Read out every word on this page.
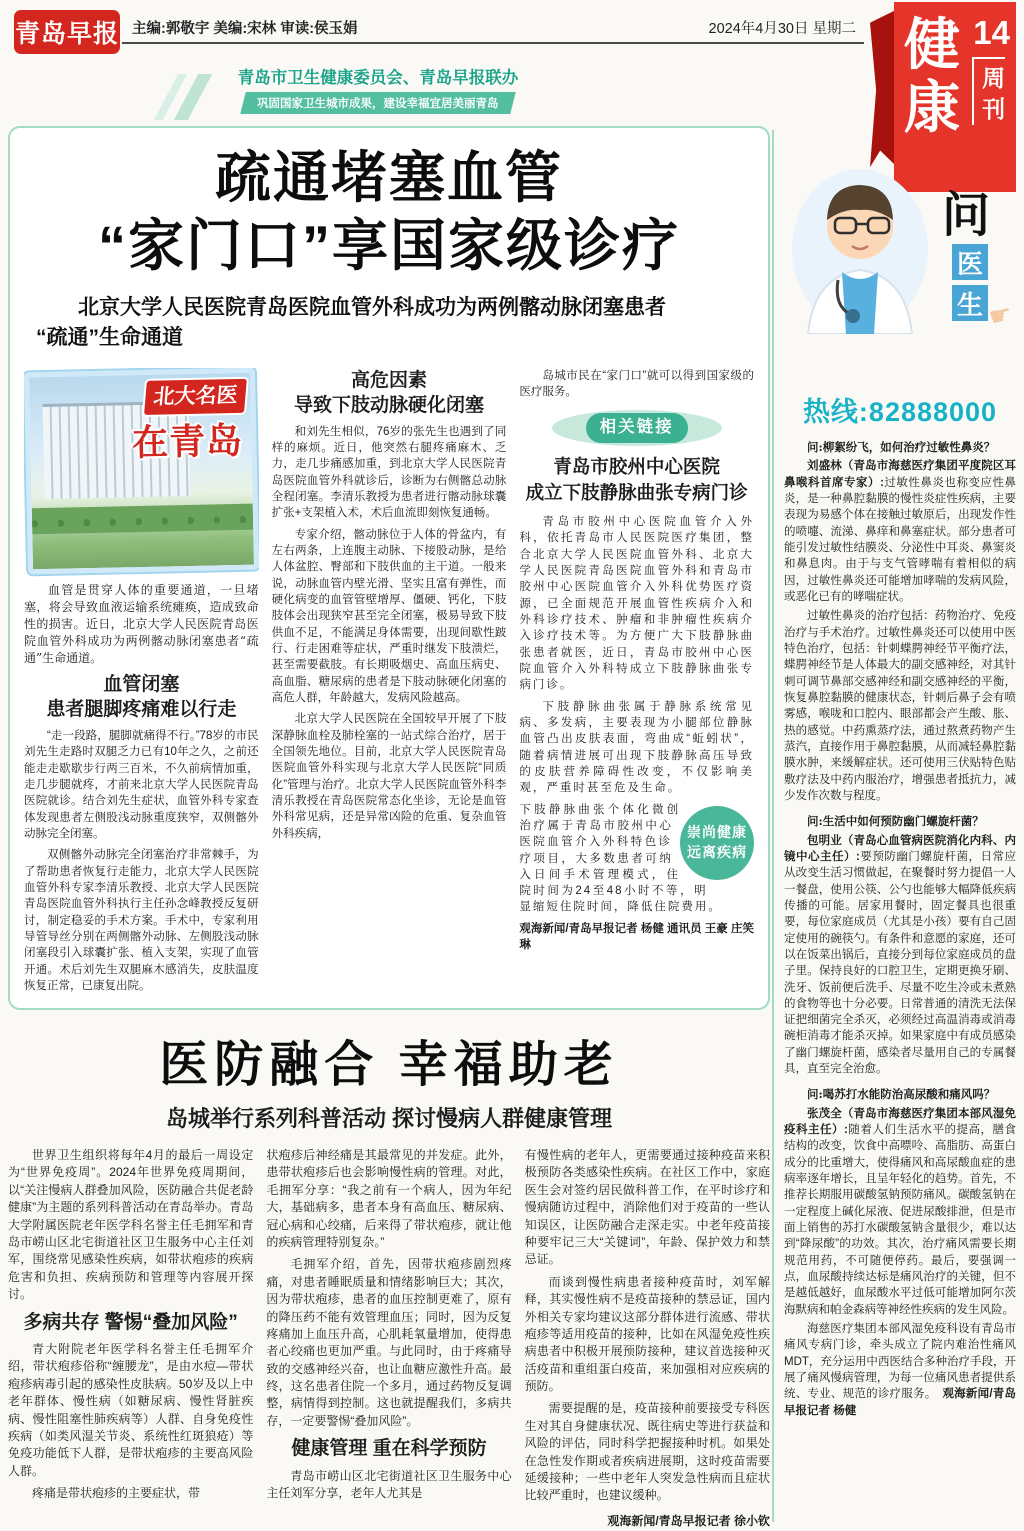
青岛早报 主编:郭敬宇 美编:宋林 审读:侯玉娟	2024年4月30日 星期二 健康
14
周
刊
青岛市卫生健康委员会、青岛早报联办
巩固国家卫生城市成果，建设幸福宜居美丽青岛
疏通堵塞血管
“家门口”享国家级诊疗
北京大学人民医院青岛医院血管外科成功为两例髂动脉闭塞患者
“疏通”生命通道
北大名医
在青岛

血管是贯穿人体的重要通道，一旦堵塞，将会导致血液运输系统瘫痪，造成致命性的损害。近日，北京大学人民医院青岛医院血管外科成功为两例髂动脉闭塞患者“疏通”生命通道。

血管闭塞
患者腿脚疼痛难以行走

“走一段路，腿脚就痛得不行。”78岁的市民刘先生走路时双腿乏力已有10年之久，之前还能走走歇歇步行两三百米，不久前病情加重，走几步腿就疼，才前来北京大学人民医院青岛医院就诊。结合刘先生症状，血管外科专家查体发现患者左侧股浅动脉重度狭窄，双侧髂外动脉完全闭塞。

双侧髂外动脉完全闭塞治疗非常棘手，为了帮助患者恢复行走能力，北京大学人民医院血管外科专家李清乐教授、北京大学人民医院青岛医院血管外科执行主任孙念峰教授反复研讨，制定稳妥的手术方案。手术中，专家利用导管导丝分别在两侧髂外动脉、左侧股浅动脉闭塞段引入球囊扩张、植入支架，实现了血管开通。术后刘先生双腿麻木感消失，皮肤温度恢复正常，已康复出院。

高危因素
导致下肢动脉硬化闭塞

和刘先生相似，76岁的张先生也遇到了同样的麻烦。近日，他突然右腿疼痛麻木、乏力，走几步痛感加重，到北京大学人民医院青岛医院血管外科就诊后，诊断为右侧髂总动脉全程闭塞。李清乐教授为患者进行髂动脉球囊扩张+支架植入术，术后血流即刻恢复通畅。

专家介绍，髂动脉位于人体的骨盆内，有左右两条，上连腹主动脉、下接股动脉，是给人体盆腔、臀部和下肢供血的主干道。一般来说，动脉血管内壁光滑、坚实且富有弹性，而硬化病变的血管管壁增厚、僵硬、钙化，下肢肢体会出现狭窄甚至完全闭塞，极易导致下肢供血不足，不能满足身体需要，出现间歇性跛行、行走困难等症状，严重时继发下肢溃烂，甚至需要截肢。有长期吸烟史、高血压病史、高血脂、糖尿病的患者是下肢动脉硬化闭塞的高危人群，年龄越大，发病风险越高。

北京大学人民医院在全国较早开展了下肢深静脉血栓及肺栓塞的一站式综合治疗，居于全国领先地位。目前，北京大学人民医院青岛医院血管外科实现与北京大学人民医院“同质化”管理与治疗。北京大学人民医院血管外科李清乐教授在青岛医院常态化坐诊，无论是血管外科常见病，还是异常凶险的危重、复杂血管外科疾病，

岛城市民在“家门口”就可以得到国家级的医疗服务。

相关链接
青岛市胶州中心医院
成立下肢静脉曲张专病门诊

青岛市胶州中心医院血管介入外科，依托青岛市人民医院医疗集团，整合北京大学人民医院血管外科、北京大学人民医院青岛医院血管外科和青岛市胶州中心医院血管介入外科优势医疗资源，已全面规范开展血管性疾病介入和外科诊疗技术、肿瘤和非肿瘤性疾病介入诊疗技术等。为方便广大下肢静脉曲张患者就医，近日，青岛市胶州中心医院血管介入外科特成立下肢静脉曲张专病门诊。

下肢静脉曲张属于静脉系统常见病、多发病，主要表现为小腿部位静脉血管凸出皮肤表面，弯曲成“蚯蚓状”，随着病情进展可出现下肢静脉高压导致的皮肤营养障碍性改变，不仅影响美观，严重时甚至危及生命。

崇尚健康
远离疾病

下肢静脉曲张个体化微创治疗属于青岛市胶州中心医院血管介入外科特色诊疗项目，大多数患者可纳入日间手术管理模式，住院时间为24至48小时不等，明显缩短住院时间，降低住院费用。

观海新闻/青岛早报记者 杨健 通讯员 王豪 庄笑琳

问
医
生 ☛
热线:82888000

问:柳絮纷飞，如何治疗过敏性鼻炎？

刘盛林（青岛市海慈医疗集团平度院区耳鼻喉科首席专家）:过敏性鼻炎也称变应性鼻炎，是一种鼻腔黏膜的慢性炎症性疾病，主要表现为易感个体在接触过敏原后，出现发作性的喷嚏、流涕、鼻痒和鼻塞症状。部分患者可能引发过敏性结膜炎、分泌性中耳炎、鼻窦炎和鼻息肉。由于与支气管哮喘有着相似的病因，过敏性鼻炎还可能增加哮喘的发病风险，或恶化已有的哮喘症状。

过敏性鼻炎的治疗包括：药物治疗、免疫治疗与手术治疗。过敏性鼻炎还可以使用中医特色治疗，包括：针刺蝶腭神经节平衡疗法，蝶腭神经节是人体最大的副交感神经，对其针刺可调节鼻部交感神经和副交感神经的平衡，恢复鼻腔黏膜的健康状态，针刺后鼻子会有喷雾感，喉咙和口腔内、眼部都会产生酸、胀、热的感觉。中药熏蒸疗法，通过熬煮药物产生蒸汽，直接作用于鼻腔黏膜，从而减轻鼻腔黏膜水肿，来缓解症状。还可使用三伏贴特色贴敷疗法及中药内服治疗，增强患者抵抗力，减少发作次数与程度。

问:生活中如何预防幽门螺旋杆菌？

包明业（青岛心血管病医院消化内科、内镜中心主任）:要预防幽门螺旋杆菌，日常应从改变生活习惯做起，在聚餐时努力提倡一人一餐盘，使用公筷、公勺也能够大幅降低疾病传播的可能。居家用餐时，固定餐具也很重要，每位家庭成员（尤其是小孩）要有自己固定使用的碗筷勺。有条件和意愿的家庭，还可以在饭菜出锅后，直接分到每位家庭成员的盘子里。保持良好的口腔卫生，定期更换牙刷、洗牙、饭前便后洗手、尽量不吃生冷或未煮熟的食物等也十分必要。日常普通的清洗无法保证把细菌完全杀灭，必须经过高温消毒或消毒碗柜消毒才能杀灭掉。如果家庭中有成员感染了幽门螺旋杆菌，感染者尽量用自己的专属餐具，直至完全治愈。

问:喝苏打水能防治高尿酸和痛风吗？

张茂全（青岛市海慈医疗集团本部风湿免疫科主任）:随着人们生活水平的提高，膳食结构的改变，饮食中高嘌呤、高脂肪、高蛋白成分的比重增大，使得痛风和高尿酸血症的患病率逐年增长，且呈年轻化的趋势。首先，不推荐长期服用碳酸氢钠预防痛风。碳酸氢钠在一定程度上碱化尿液、促进尿酸排泄，但是市面上销售的苏打水碳酸氢钠含量很少，难以达到“降尿酸”的功效。其次，治疗痛风需要长期规范用药，不可随便停药。最后，要强调一点，血尿酸持续达标是痛风治疗的关键，但不是越低越好，血尿酸水平过低可能增加阿尔茨海默病和帕金森病等神经性疾病的发生风险。

海慈医疗集团本部风湿免疫科设有青岛市痛风专病门诊，牵头成立了院内难治性痛风MDT，充分运用中西医结合多种治疗手段，开展了痛风慢病管理，为每一位痛风患者提供系统、专业、规范的诊疗服务。　 观海新闻/青岛早报记者 杨健

医防融合 幸福助老
岛城举行系列科普活动 探讨慢病人群健康管理

世界卫生组织将每年4月的最后一周设定为“世界免疫周”。2024年世界免疫周期间，以“关注慢病人群叠加风险，医防融合共促老龄健康”为主题的系列科普活动在青岛举办。青岛大学附属医院老年医学科名誉主任毛拥军和青岛市崂山区北宅街道社区卫生服务中心主任刘军，围绕常见感染性疾病，如带状疱疹的疾病危害和负担、疾病预防和管理等内容展开探讨。

多病共存 警惕“叠加风险”

青大附院老年医学科名誉主任毛拥军介绍，带状疱疹俗称“缠腰龙”，是由水痘—带状疱疹病毒引起的感染性皮肤病。50岁及以上中老年群体、慢性病（如糖尿病、慢性肾脏疾病、慢性阻塞性肺疾病等）人群、自身免疫性疾病（如类风湿关节炎、系统性红斑狼疮）等免疫功能低下人群，是带状疱疹的主要高风险人群。

疼痛是带状疱疹的主要症状，带

状疱疹后神经痛是其最常见的并发症。此外，患带状疱疹后也会影响慢性病的管理。对此，毛拥军分享：“我之前有一个病人，因为年纪大，基础病多，患者本身有高血压、糖尿病、冠心病和心绞痛，后来得了带状疱疹，就让他的疾病管理特别复杂。”

毛拥军介绍，首先，因带状疱疹剧烈疼痛，对患者睡眠质量和情绪影响巨大；其次，因为带状疱疹，患者的血压控制更难了，原有的降压药不能有效管理血压；同时，因为反复疼痛加上血压升高，心肌耗氧量增加，使得患者心绞痛也更加严重。与此同时，由于疼痛导致的交感神经兴奋，也让血糖应激性升高。最终，这名患者住院一个多月，通过药物反复调整，病情得到控制。这也就提醒我们，多病共存，一定要警惕“叠加风险”。

健康管理 重在科学预防

青岛市崂山区北宅街道社区卫生服务中心主任刘军分享，老年人尤其是

有慢性病的老年人，更需要通过接种疫苗来积极预防各类感染性疾病。在社区工作中，家庭医生会对签约居民做科普工作，在平时诊疗和慢病随访过程中，消除他们对于疫苗的一些认知误区，让医防融合走深走实。中老年疫苗接种要牢记三大“关键词”，年龄、保护效力和禁忌证。

而谈到慢性病患者接种疫苗时，刘军解释，其实慢性病不是疫苗接种的禁忌证，国内外相关专家均建议这部分群体进行流感、带状疱疹等适用疫苗的接种，比如在风湿免疫性疾病患者中积极开展预防接种，建议首选接种灭活疫苗和重组蛋白疫苗，来加强相对应疾病的预防。

需要提醒的是，疫苗接种前要接受专科医生对其自身健康状况、既往病史等进行获益和风险的评估，同时科学把握接种时机。如果处在急性发作期或者疾病进展期，这时疫苗需要延缓接种；一些中老年人突发急性病而且症状比较严重时，也建议缓种。

观海新闻/青岛早报记者 徐小钦
